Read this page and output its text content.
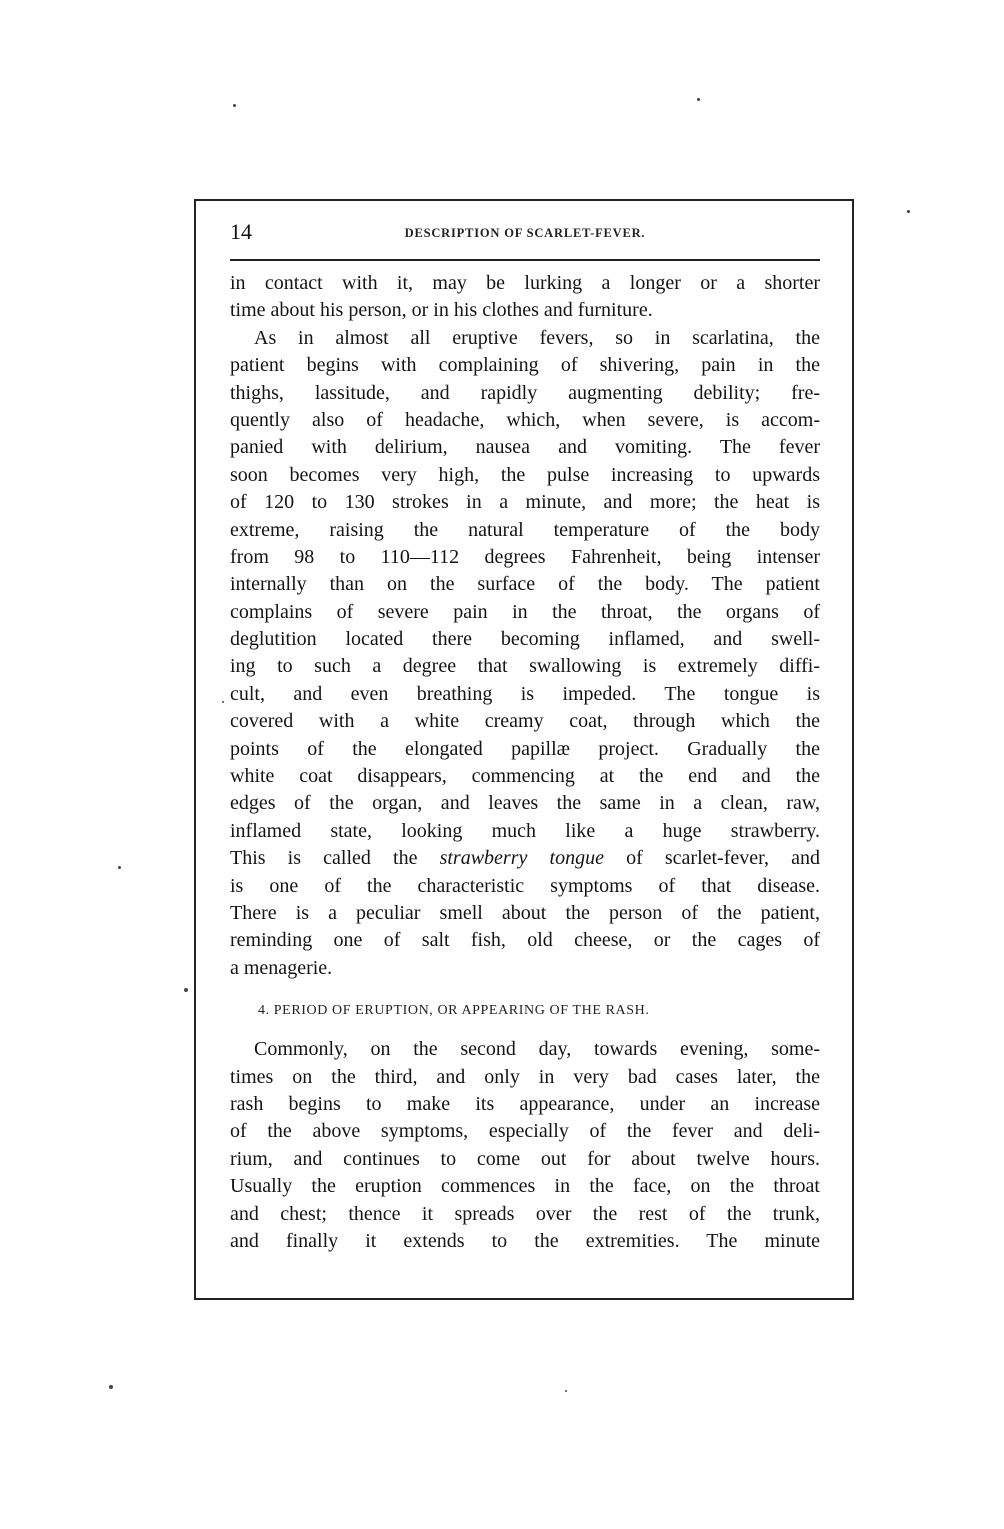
14	DESCRIPTION OF SCARLET-FEVER.
in contact with it, may be lurking a longer or a shorter
time about his person, or in his clothes and furniture.
As in almost all eruptive fevers, so in scarlatina, the
patient begins with complaining of shivering, pain in the
thighs, lassitude, and rapidly augmenting debility; fre-
quently also of headache, which, when severe, is accom-
panied with delirium, nausea and vomiting. The fever
soon becomes very high, the pulse increasing to upwards
of 120 to 130 strokes in a minute, and more; the heat is
extreme, raising the natural temperature of the body
from 98 to 110—112 degrees Fahrenheit, being intenser
internally than on the surface of the body. The patient
complains of severe pain in the throat, the organs of
deglutition located there becoming inflamed, and swell-
ing to such a degree that swallowing is extremely diffi-
cult, and even breathing is impeded. The tongue is
covered with a white creamy coat, through which the
points of the elongated papillæ project. Gradually the
white coat disappears, commencing at the end and the
edges of the organ, and leaves the same in a clean, raw,
inflamed state, looking much like a huge strawberry.
This is called the strawberry tongue of scarlet-fever, and
is one of the characteristic symptoms of that disease.
There is a peculiar smell about the person of the patient,
reminding one of salt fish, old cheese, or the cages of
a menagerie.
4. PERIOD OF ERUPTION, OR APPEARING OF THE RASH.
Commonly, on the second day, towards evening, some-
times on the third, and only in very bad cases later, the
rash begins to make its appearance, under an increase
of the above symptoms, especially of the fever and deli-
rium, and continues to come out for about twelve hours.
Usually the eruption commences in the face, on the throat
and chest; thence it spreads over the rest of the trunk,
and finally it extends to the extremities. The minute
